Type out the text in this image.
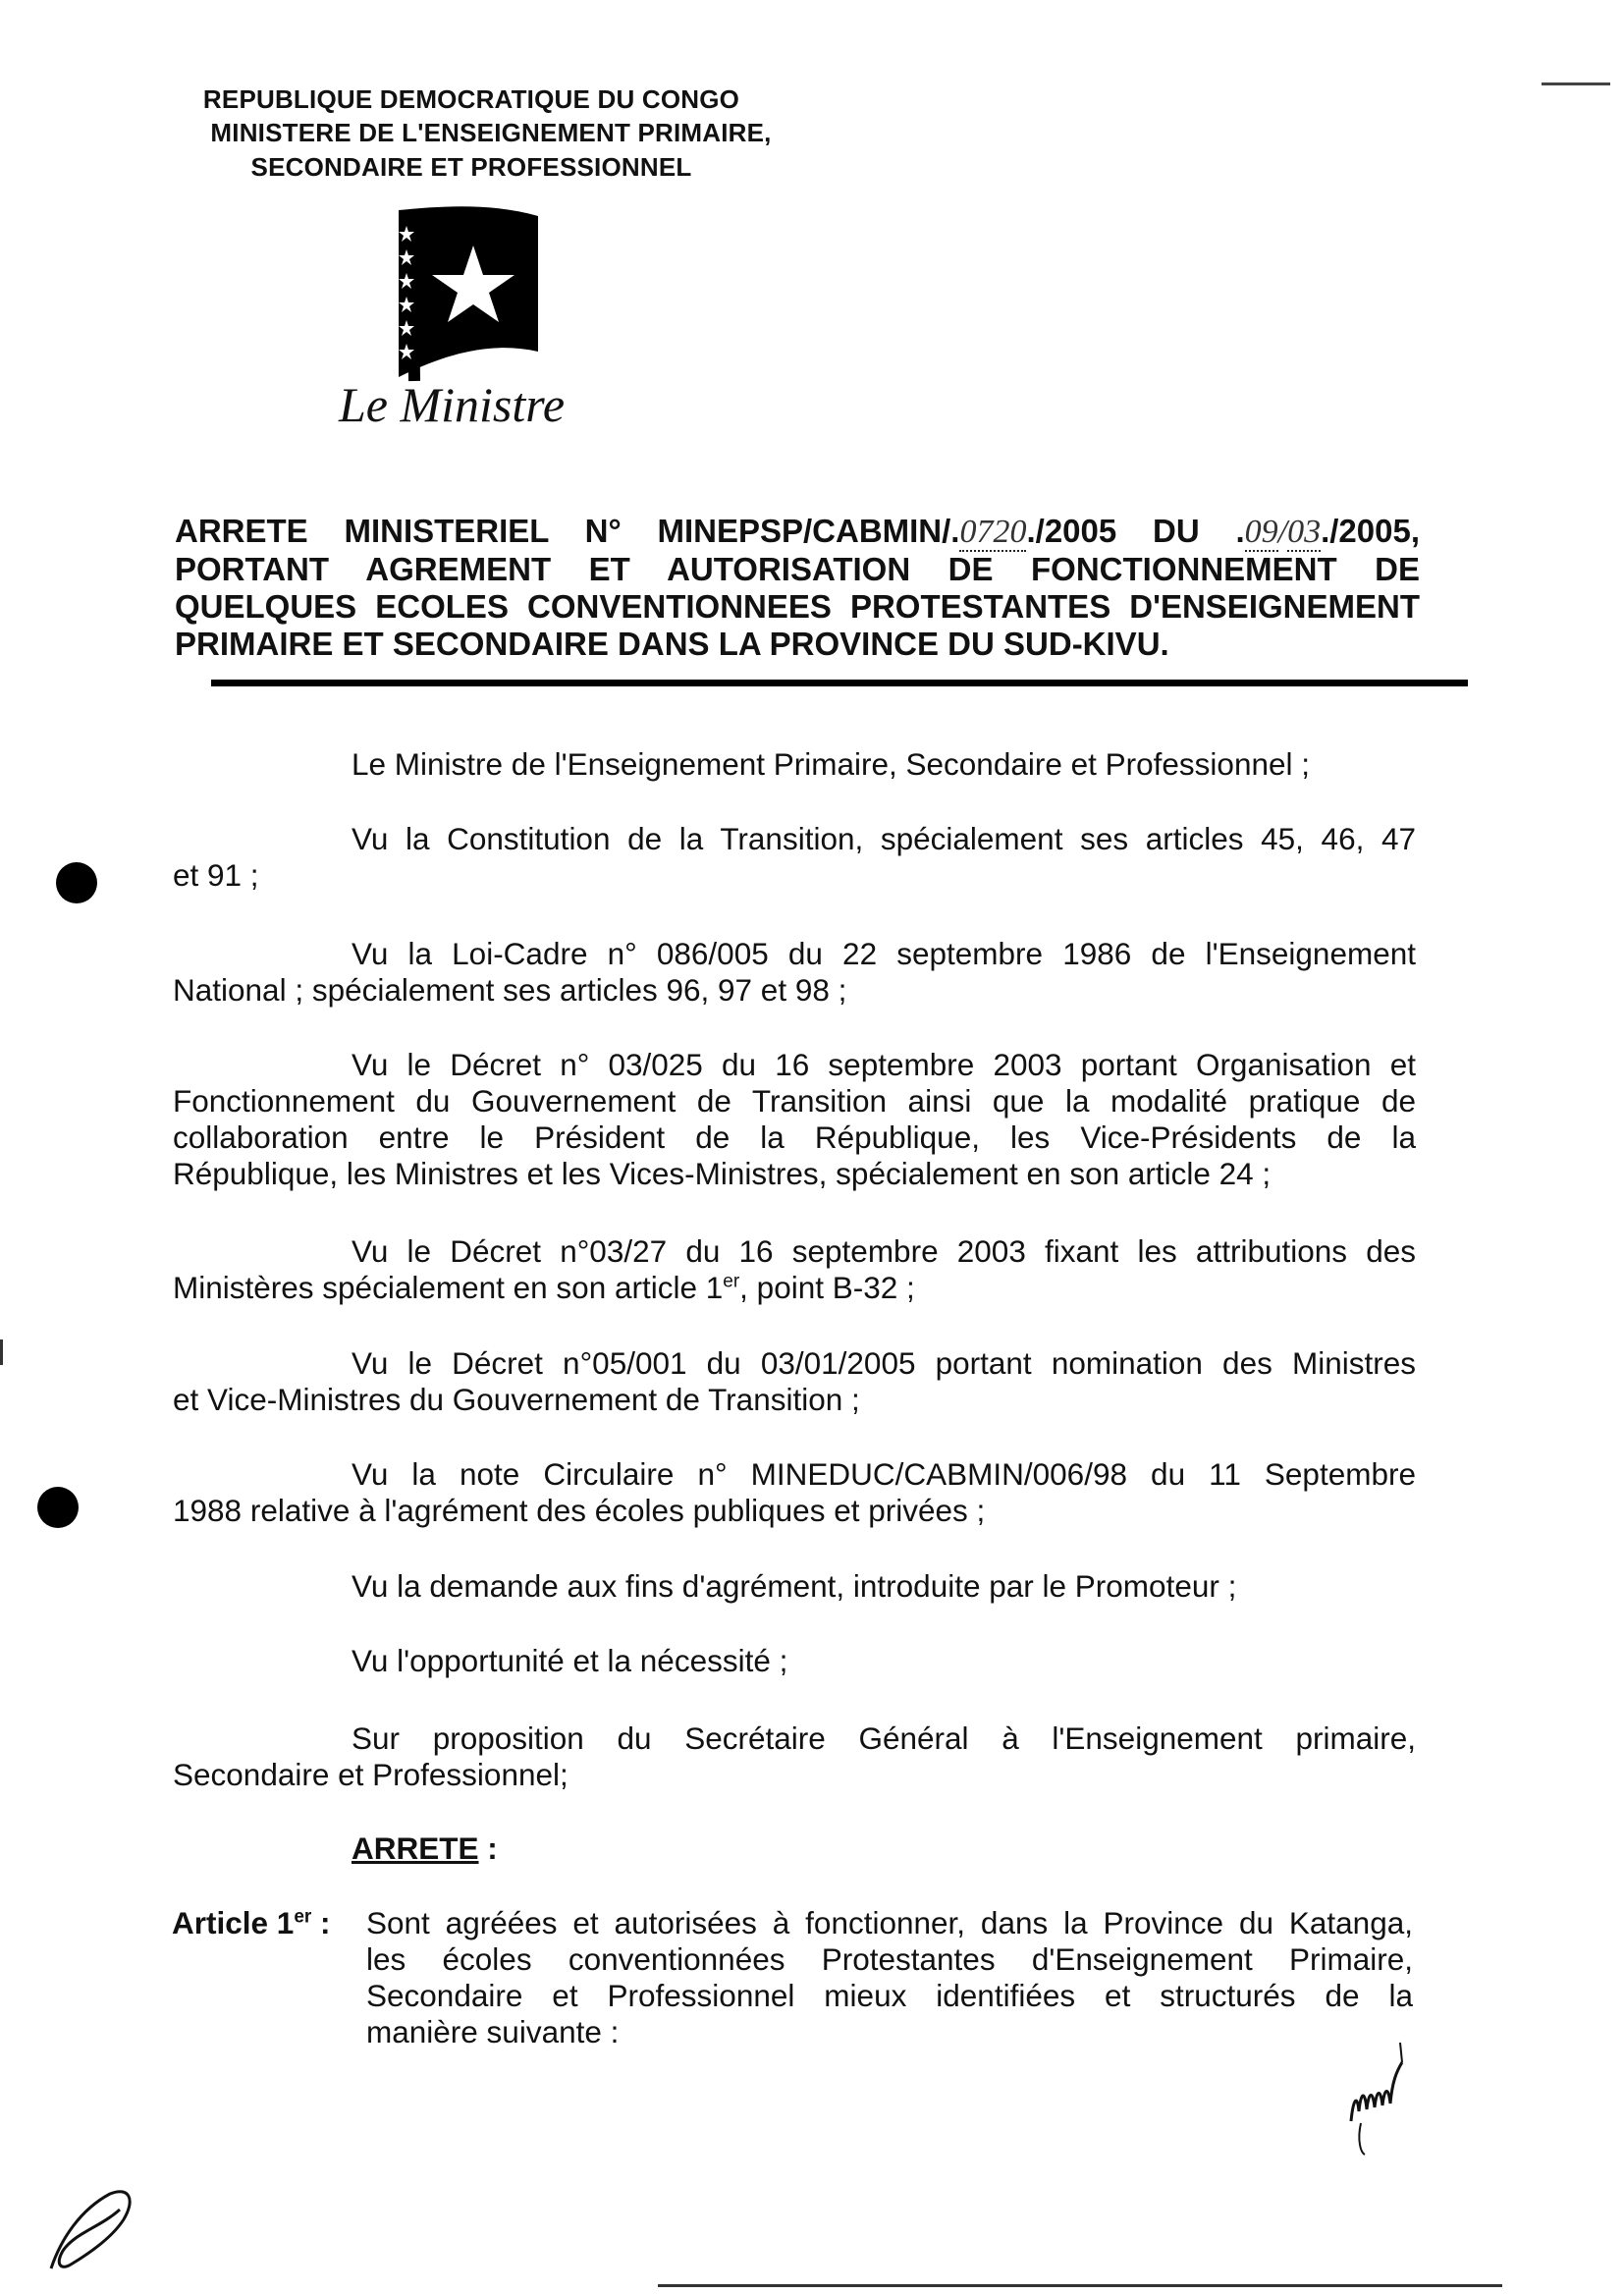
REPUBLIQUE DEMOCRATIQUE DU CONGO
MINISTERE DE L'ENSEIGNEMENT PRIMAIRE,
SECONDAIRE ET PROFESSIONNEL
Le Ministre
ARRETE MINISTERIEL N° MINEPSP/CABMIN/.0720./2005 DU .09/03./2005,
PORTANT AGREMENT ET AUTORISATION DE FONCTIONNEMENT DE
QUELQUES ECOLES CONVENTIONNEES PROTESTANTES D'ENSEIGNEMENT
PRIMAIRE ET SECONDAIRE DANS LA PROVINCE DU SUD-KIVU.
Le Ministre de l'Enseignement Primaire, Secondaire et Professionnel ;
Vu la Constitution de la Transition, spécialement ses articles 45, 46, 47
et 91 ;
Vu la Loi-Cadre n° 086/005 du 22 septembre 1986 de l'Enseignement
National ; spécialement ses articles 96, 97 et 98 ;
Vu le Décret n° 03/025 du 16 septembre 2003 portant Organisation et
Fonctionnement du Gouvernement de Transition ainsi que la modalité pratique de
collaboration entre le Président de la République, les Vice-Présidents de la
République, les Ministres et les Vices-Ministres, spécialement en son article 24 ;
Vu le Décret n°03/27 du 16 septembre 2003 fixant les attributions des
Ministères spécialement en son article 1er, point B-32 ;
Vu le Décret n°05/001 du 03/01/2005 portant nomination des Ministres
et Vice-Ministres du Gouvernement de Transition ;
Vu la note Circulaire n° MINEDUC/CABMIN/006/98 du 11 Septembre
1988 relative à l'agrément des écoles publiques et privées ;
Vu la demande aux fins d'agrément, introduite par le Promoteur ;
Vu l'opportunité et la nécessité ;
Sur proposition du Secrétaire Général à l'Enseignement primaire,
Secondaire et Professionnel;
ARRETE :
Article 1er : Sont agréées et autorisées à fonctionner, dans la Province du Katanga,
les écoles conventionnées Protestantes d'Enseignement Primaire,
Secondaire et Professionnel mieux identifiées et structurés de la
manière suivante :
